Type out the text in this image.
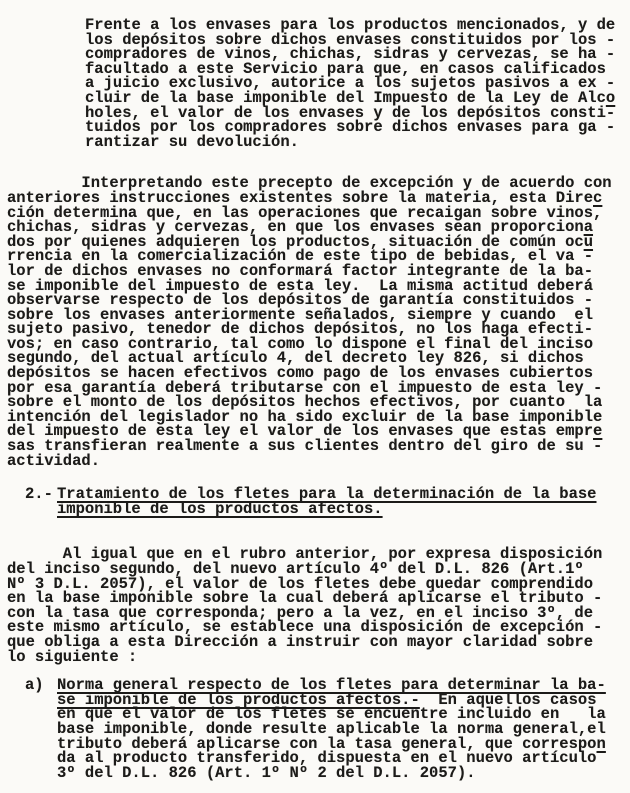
Frente a los envases para los productos mencionados, y de
los depósitos sobre dichos envases constituidos por los -
compradores de vinos, chichas, sidras y cervezas, se ha -
facultado a este Servicio para que, en casos calificados
a juicio exclusivo, autorice a los sujetos pasivos a ex -
cluir de la base imponible del Impuesto de la Ley de Alco
holes, el valor de los envases y de los depósitos consti-
tuidos por los compradores sobre dichos envases para ga -
rantizar su devolución.
Interpretando este precepto de excepción y de acuerdo con
anteriores instrucciones existentes sobre la materia, esta Direc
ción determina que, en las operaciones que recaigan sobre vinos,
chichas, sidras y cervezas, en que los envases sean proporciona
dos por quienes adquieren los productos, situación de común ocu
rrencia en la comercialización de este tipo de bebidas, el va -
lor de dichos envases no conformará factor integrante de la ba-
se imponible del impuesto de esta ley.  La misma actitud deberá
observarse respecto de los depósitos de garantía constituidos -
sobre los envases anteriormente señalados, siempre y cuando  el
sujeto pasivo, tenedor de dichos depósitos, no los haga efecti-
vos; en caso contrario, tal como lo dispone el final del inciso
segundo, del actual artículo 4, del decreto ley 826, si dichos
depósitos se hacen efectivos como pago de los envases cubiertos
por esa garantía deberá tributarse con el impuesto de esta ley -
sobre el monto de los depósitos hechos efectivos, por cuanto  la
intención del legislador no ha sido excluir de la base imponible
del impuesto de esta ley el valor de los envases que estas empre
sas transfieran realmente a sus clientes dentro del giro de su -
actividad.
2.- Tratamiento de los fletes para la determinación de la base
imponible de los productos afectos.
Al igual que en el rubro anterior, por expresa disposición
del inciso segundo, del nuevo artículo 4º del D.L. 826 (Art.1º
Nº 3 D.L. 2057), el valor de los fletes debe quedar comprendido
en la base imponible sobre la cual deberá aplicarse el tributo -
con la tasa que corresponda; pero a la vez, en el inciso 3º, de
este mismo artículo, se establece una disposición de excepción -
que obliga a esta Dirección a instruir con mayor claridad sobre
lo siguiente :
a) Norma general respecto de los fletes para determinar la ba-
se imponible de los productos afectos.-  En aquellos casos
en que el valor de los fletes se encuentre incluido en   la
base imponible, donde resulte aplicable la norma general,el
tributo deberá aplicarse con la tasa general, que correspon
da al producto transferido, dispuesta en el nuevo artículo
3º del D.L. 826 (Art. 1º Nº 2 del D.L. 2057).
